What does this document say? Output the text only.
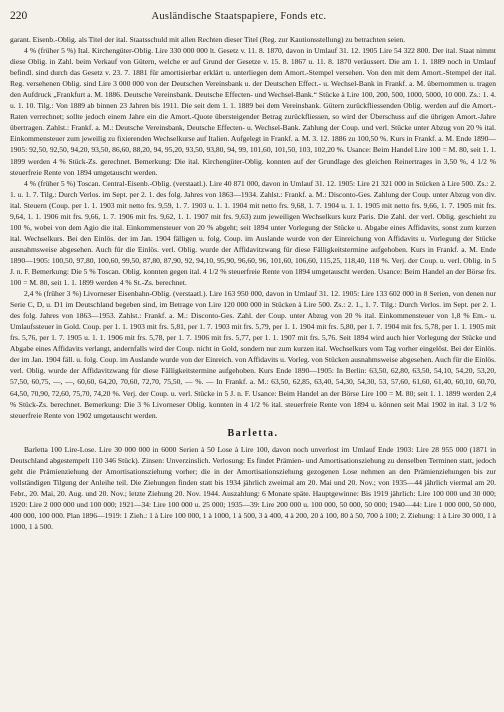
220	Ausländische Staatspapiere, Fonds etc.

garant. Eisenb.-Oblig. als Titel der ital. Staatsschuld mit allen Rechten dieser Titel (Reg. zur Kautionsstellung) zu betrachten seien.

4 % (früher 5 %) Ital. Kirchengüter-Oblig. Lire 330 000 000 lt. Gesetz v. 11. 8. 1870, davon in Umlauf 31. 12. 1905 Lire 54 322 800. Der ital. Staat nimmt diese Oblig. in Zahl. beim Verkauf von Gütern, welche er auf Grund der Gesetze v. 15. 8. 1867 u. 11. 8. 1870 veräussert. Die am 1. 1. 1889 noch in Umlauf befindl. sind durch das Gesetz v. 23. 7. 1881 für amortisierbar erklärt u. unterliegen dem Amort.-Stempel versehen. Von den mit dem Amort.-Stempel der ital. Reg. versehenen Oblig. sind Lire 3 000 000 von der Deutschen Vereinsbank u. der Deutschen Effect.- u. Wechsel-Bank in Frankf. a. M. übernommen u. tragen den Aufdruck „Frankfurt a. M. 1886. Deutsche Vereinsbank. Deutsche Effecten- und Wechsel-Bank.“ Stücke à Lire 100, 200, 500, 1000, 5000, 10 000. Zs.: 1. 4. u. 1. 10. Tilg.: Von 1889 ab binnen 23 Jahren bis 1911. Die seit dem 1. 1. 1889 bei dem Vereinsbank. Gütern zurückfliessenden Oblig. werden auf die Amort.-Raten verrechnet; sollte jedoch einem Jahre ein die Amort.-Quote übersteigender Betrag zurückfliessen, so wird der Überschuss auf die übrigen Amort.-Jahre übertragen. Zahlst.: Frankf. a. M.: Deutsche Vereinsbank, Deutsche Effecten- u. Wechsel-Bank. Zahlung der Coup. und verl. Stücke unter Abzug von 20 % ital. Einkommensteuer zum jeweilig zu fixierenden Wechselkurse auf Italien. Aufgelegt in Frankf. a. M. 3. 12. 1886 zu 100,50 %. Kurs in Frankf. a. M. Ende 1890—1905: 92,50, 92,50, 94,20, 93,50, 86,60, 88,20, 94, 95,20, 93,50, 93,80, 94, 99, 101,60, 101,50, 103, 102,20 %. Usance: Beim Handel Lire 100 = M. 80, seit 1. 1. 1899 werden 4 % Stück-Zs. gerechnet. Bemerkung: Die ital. Kirchengüter-Oblig. konnten auf der Grundlage des gleichen Reinertrages in 3,50 %, 4 1/2 % steuerfreie Rente von 1894 umgetauscht werden.

4 % (früher 5 %) Toscan. Central-Eisenb.-Oblig. (verstaatl.). Lire 40 871 000, davon in Umlauf 31. 12. 1905: Lire 21 321 000 in Stücken à Lire 500. Zs.: 2. 1. u. 1. 7. Tilg.: Durch Verlos. im Sept. per 2. 1. des folg. Jahres von 1863—1934. Zahlst.: Frankf. a. M.: Disconto-Ges. Zahlung der Coup. unter Abzug von div. ital. Steuern (Coup. per 1. 1. 1903 mit netto frs. 9,59, 1. 7. 1903 u. 1. 1. 1904 mit netto frs. 9,68, 1. 7. 1904 u. 1. 1. 1905 mit netto frs. 9,66, 1. 7. 1905 mit frs. 9,64, 1. 1. 1906 mit frs. 9,66, 1. 7. 1906 mit frs. 9,62, 1. 1. 1907 mit frs. 9,63) zum jeweiligen Wechselkurs kurz Paris. Die Zahl. der verl. Oblig. geschieht zu 100 %, wobei von dem Agio die ital. Einkommensteuer von 20 % abgeht; seit 1894 unter Vorlegung der Stücke u. Abgabe eines Affidavits, sonst zum kurzen ital. Wechselkurs. Bei den Einlös. der im Jan. 1904 fälligen u. folg. Coup. im Auslande wurde von der Einreichung von Affidavits u. Vorlegung der Stücke ausnahmsweise abgesehen. Auch für die Einlös. verl. Oblig. wurde der Affidavitzwang für diese Fälligkeitstermine aufgehoben. Kurs in Frankf. a. M. Ende 1890—1905: 100,50, 97,80, 100,60, 99,50, 87,80, 87,90, 92, 94,10, 95,90, 96,60, 96, 101,60, 106,60, 115,25, 118,40, 118 %. Verj. der Coup. u. verl. Oblig. in 5 J. n. F. Bemerkung: Die 5 % Toscan. Oblig. konnten gegen ital. 4 1/2 % steuerfreie Rente von 1894 umgetauscht werden. Usance: Beim Handel an der Börse frs. 100 = M. 80, seit 1. 1. 1899 werden 4 % St.-Zs. berechnet.

2,4 % (früher 3 %) Livorneser Eisenbahn-Oblig. (verstaatl.). Lire 163 950 000, davon in Umlauf 31. 12. 1905: Lire 133 602 000 in 8 Serien, von denen nur Serie C, D, u. D1 im Deutschland begeben sind, im Betrage von Lire 120 000 000 in Stücken à Lire 500. Zs.: 2. 1., 1. 7. Tilg.: Durch Verlos. im Sept. per 2. 1. des folg. Jahres von 1863—1953. Zahlst.: Frankf. a. M.: Disconto-Ges. Zahl. der Coup. unter Abzug von 20 % ital. Einkommensteuer von 1,8 % Em.- u. Umlaufssteuer in Gold. Coup. per 1. 1. 1903 mit frs. 5,81, per 1. 7. 1903 mit frs. 5,79, per 1. 1. 1904 mit frs. 5,80, per 1. 7. 1904 mit frs. 5,78, per 1. 1. 1905 mit frs. 5,76, per 1. 7. 1905 u. 1. 1. 1906 mit frs. 5,78, per 1. 7. 1906 mit frs. 5,77, per 1. 1. 1907 mit frs. 5,76. Seit 1894 wird auch hier Vorlegung der Stücke und Abgabe eines Affidavits verlangt, andernfalls wird der Coup. nicht in Gold, sondern nur zum kurzen ital. Wechselkurs vom Tag vorher eingelöst. Bei der Einlös. der im Jan. 1904 fäll. u. folg. Coup. im Auslande wurde von der Einreich. von Affidavits u. Vorleg. von Stücken ausnahmsweise abgesehen. Auch für die Einlös. verl. Oblig. wurde der Affidavitzwang für diese Fälligkeitstermine aufgehoben. Kurs Ende 1890—1905: In Berlin: 63,50, 62,80, 63,50, 54,10, 54,20, 53,20, 57,50, 60,75, —, —, 60,60, 64,20, 70,60, 72,70, 75,50, — %. — In Frankf. a. M.: 63,50, 62,85, 63,40, 54,30, 54,30, 53, 57,60, 61,60, 61,40, 60,10, 60,70, 64,50, 70,90, 72,60, 75,70, 74,20 %. Verj. der Coup. u. verl. Stücke in 5 J. n. F. Usance: Beim Handel an der Börse Lire 100 = M. 80; seit 1. 1. 1899 werden 2,4 % Stück-Zs. berechnet. Bemerkung: Die 3 % Livorneser Oblig. konnten in 4 1/2 % ital. steuerfreie Rente von 1894 u. können seit Mai 1902 in ital. 3 1/2 % steuerfreie Rente von 1902 umgetauscht werden.

Barletta.

Barletta 100 Lire-Lose. Lire 30 000 000 in 6000 Serien à 50 Lose à Lire 100, davon noch unverlost im Umlauf Ende 1903: Lire 28 955 000 (1871 in Deutschland abgestempelt 110 346 Stück). Zinsen: Unverzinslich. Verlosung: Es findet Prämien- und Amortisationsziehung zu denselben Terminen statt, jedoch geht die Prämienziehung der Amortisationsziehung vorher; die in der Amortisationsziehung gezogenen Lose nehmen an den Prämienziehungen bis zur vollständigen Tilgung der Anleihe teil. Die Ziehungen finden statt bis 1934 jährlich zweimal am 20. Mai und 20. Nov.; von 1935—44 jährlich viermal am 20. Febr., 20. Mai, 20. Aug. und 20. Nov.; letzte Ziehung 20. Nov. 1944. Auszahlung: 6 Monate späte. Hauptgewinne: Bis 1919 jährlich: Lire 100 000 und 30 000; 1920: Lire 2 000 000 und 100 000; 1921—34: Lire 100 000 u. 25 000; 1935—39: Lire 200 000 u. 100 000, 50 000, 50 000; 1940—44: Lire 1 000 000, 50 000, 400 000, 100 000. Plan 1896—1919: 1 Zieh.: 1 à Lire 100 000, 1 à 1000, 1 à 500, 3 à 400, 4 à 200, 20 à 100, 80 à 50, 700 à 100; 2. Ziehung: 1 à Lire 30 000, 1 à 1000, 1 à 500.
